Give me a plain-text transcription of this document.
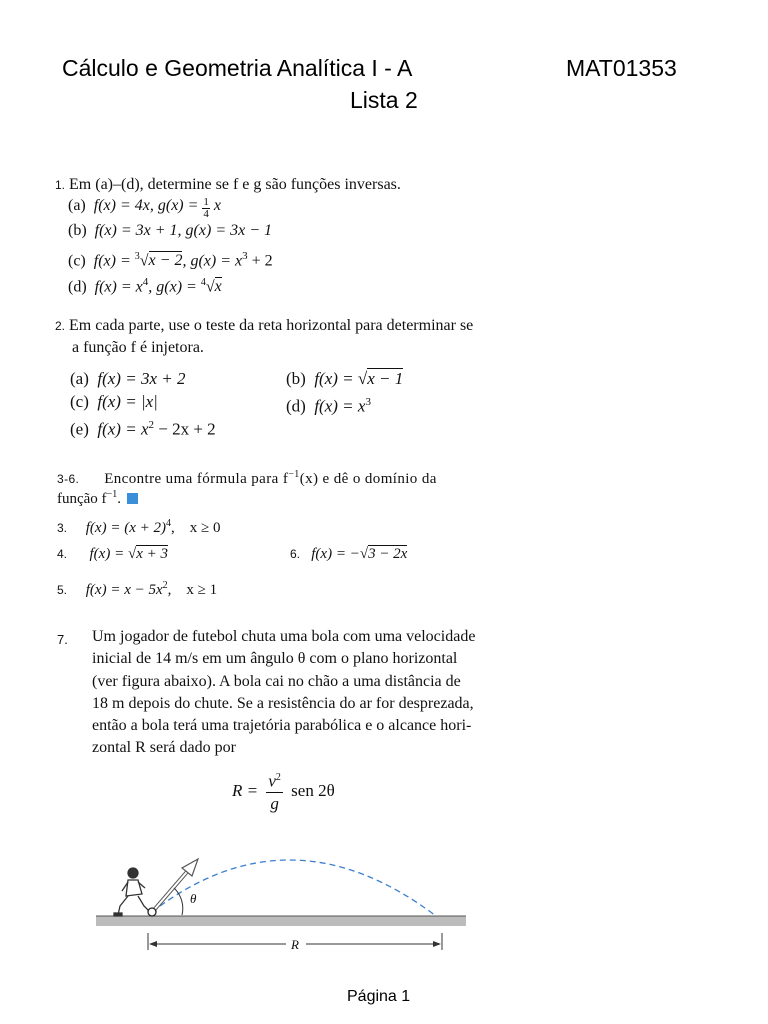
Cálculo e Geometria Analítica I - A	MAT01353
Lista 2
1. Em (a)–(d), determine se f e g são funções inversas.
(a) f(x) = 4x, $g(x) = \frac{1}{4}$ x
(b) f(x) = 3x + 1, g(x) = 3x − 1
(c) f(x) = $^3$√x − 2, $g(x) = x^3 + 2$
(d) $f(x) = x^4$, g(x) = $^4$√x
2. Em cada parte, use o teste da reta horizontal para determinar se
a função f é injetora.
(a) f(x) = 3x + 2	(b) f(x) = √x − 1
(c) f(x) = |x|	(d) $f(x) = x^3$
(e) $f(x) = x^2 - 2x + 2$
3-6. Encontre uma fórmula para $f^{-1}(x)$ e dê o domínio da
função $f^{-1}$.
3. $f(x) = (x + 2)^4$,    x ≥ 0
4. f(x) = √x + 3	6. f(x) = −√3 − 2x
5. $f(x) = x - 5x^2$,    x ≥ 1
7. Um jogador de futebol chuta uma bola com uma velocidade
inicial de 14 m/s em um ângulo θ com o plano horizontal
(ver figura abaixo). A bola cai no chão a uma distância de
18 m depois do chute. Se a resistência do ar for desprezada,
então a bola terá uma trajetória parabólica e o alcance hori-
zontal R será dado por
$R = \frac{v^2}{g}$ sen 2θ
θ
R
Página 1
